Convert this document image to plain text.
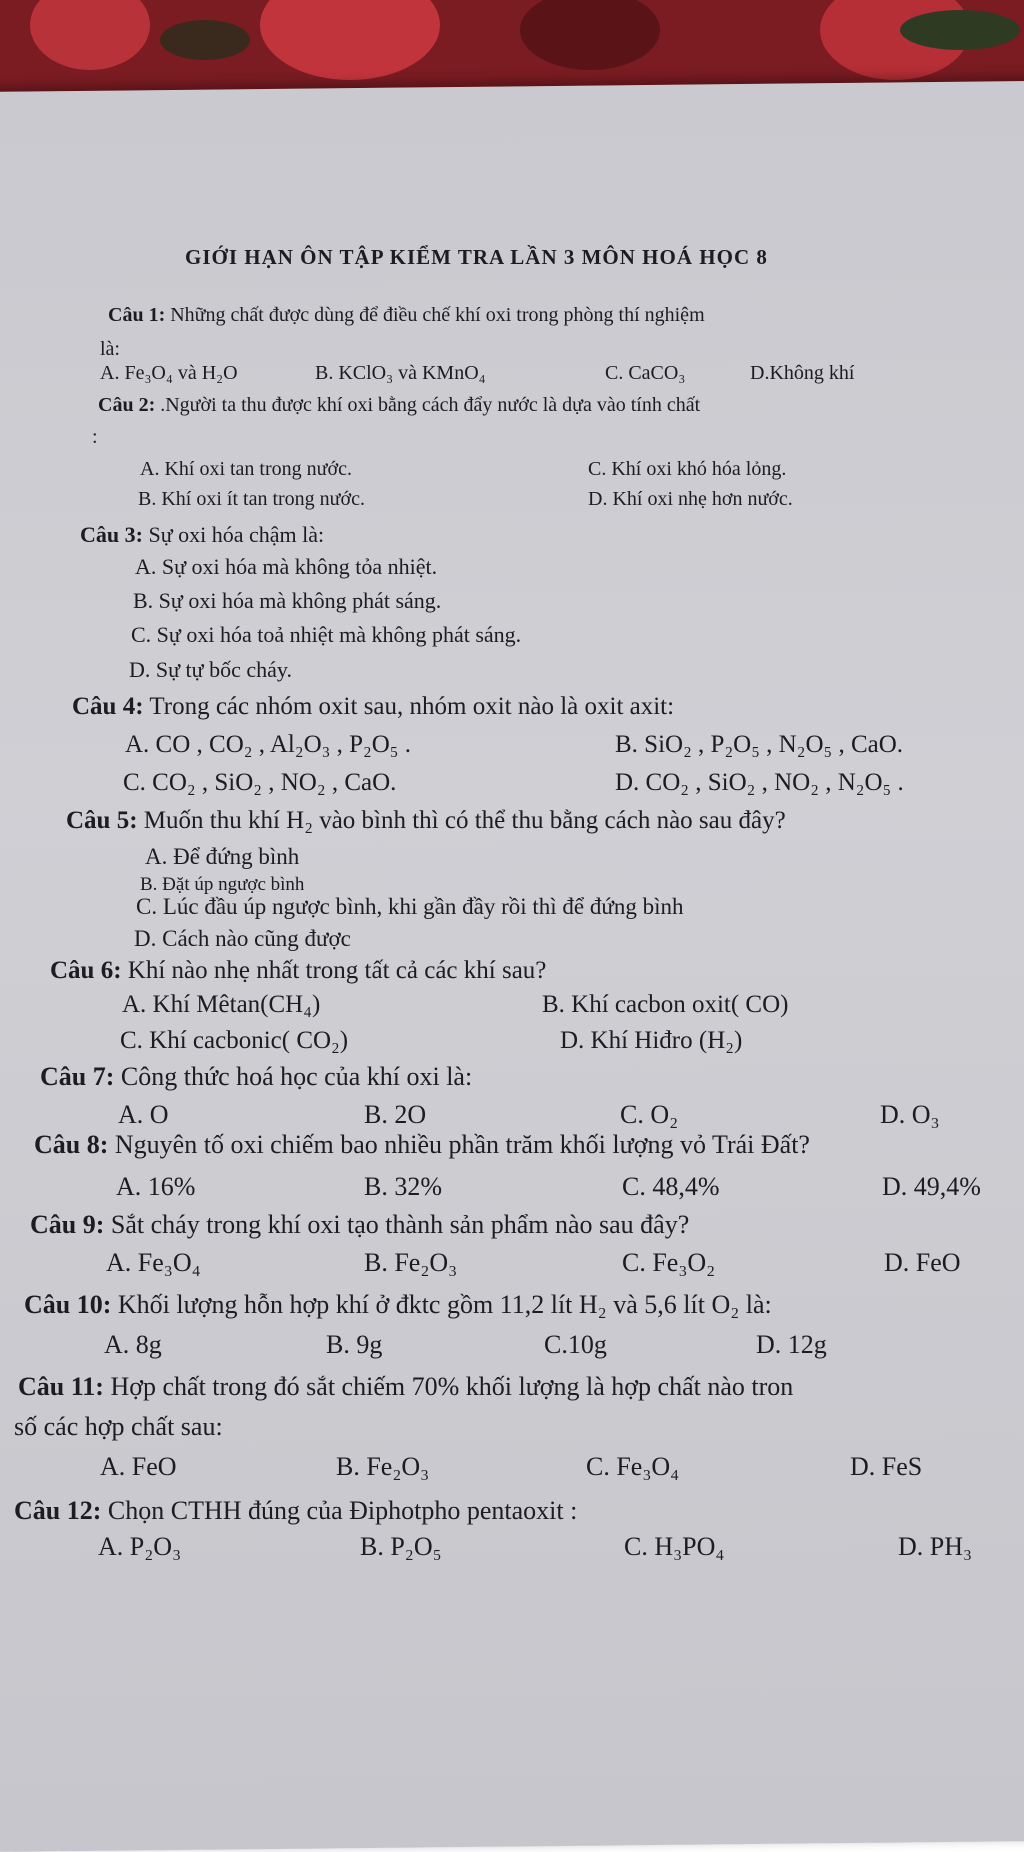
GIỚI HẠN ÔN TẬP KIỂM TRA LẦN 3 MÔN HOÁ HỌC 8
Câu 1: Những chất được dùng để điều chế khí oxi trong phòng thí nghiệm
là:
A. Fe₃O₄ và H₂O	B. KClO₃ và KMnO₄	C. CaCO₃	D.Không khí
Câu 2: .Người ta thu được khí oxi bằng cách đẩy nước là dựa vào tính chất
:
A. Khí oxi tan trong nước.	C. Khí oxi khó hóa lỏng.
B. Khí oxi ít tan trong nước.	D. Khí oxi nhẹ hơn nước.
Câu 3: Sự oxi hóa chậm là:
A. Sự oxi hóa mà không tỏa nhiệt.
B. Sự oxi hóa mà không phát sáng.
C. Sự oxi hóa toả nhiệt mà không phát sáng.
D. Sự tự bốc cháy.
Câu 4: Trong các nhóm oxit sau, nhóm oxit nào là oxit axit:
A. CO , CO₂ , Al₂O₃ , P₂O₅ .	B. SiO₂ , P₂O₅ , N₂O₅ , CaO.
C. CO₂ , SiO₂ , NO₂ , CaO.	D. CO₂ , SiO₂ , NO₂ , N₂O₅ .
Câu 5: Muốn thu khí H₂ vào bình thì có thể thu bằng cách nào sau đây?
A. Để đứng bình
B. Đặt úp ngược bình
C. Lúc đầu úp ngược bình, khi gần đầy rồi thì để đứng bình
D. Cách nào cũng được
Câu 6: Khí nào nhẹ nhất trong tất cả các khí sau?
A. Khí Mêtan(CH₄)	B. Khí cacbon oxit( CO)
C. Khí cacbonic( CO₂)	D. Khí Hiđro (H₂)
Câu 7: Công thức hoá học của khí oxi là:
A. O	B. 2O	C. O₂	D. O₃
Câu 8: Nguyên tố oxi chiếm bao nhiều phần trăm khối lượng vỏ Trái Đất?
A. 16%	B. 32%	C. 48,4%	D. 49,4%
Câu 9: Sắt cháy trong khí oxi tạo thành sản phẩm nào sau đây?
A. Fe₃O₄	B. Fe₂O₃	C. Fe₃O₂	D. FeO
Câu 10: Khối lượng hỗn hợp khí ở đktc gồm 11,2 lít H₂ và 5,6 lít O₂ là:
A. 8g	B. 9g	C.10g	D. 12g
Câu 11: Hợp chất trong đó sắt chiếm 70% khối lượng là hợp chất nào tron
số các hợp chất sau:
A. FeO	B. Fe₂O₃	C. Fe₃O₄	D. FeS
Câu 12: Chọn CTHH đúng của Điphotpho pentaoxit :
A. P₂O₃	B. P₂O₅	C. H₃PO₄	D. PH₃
